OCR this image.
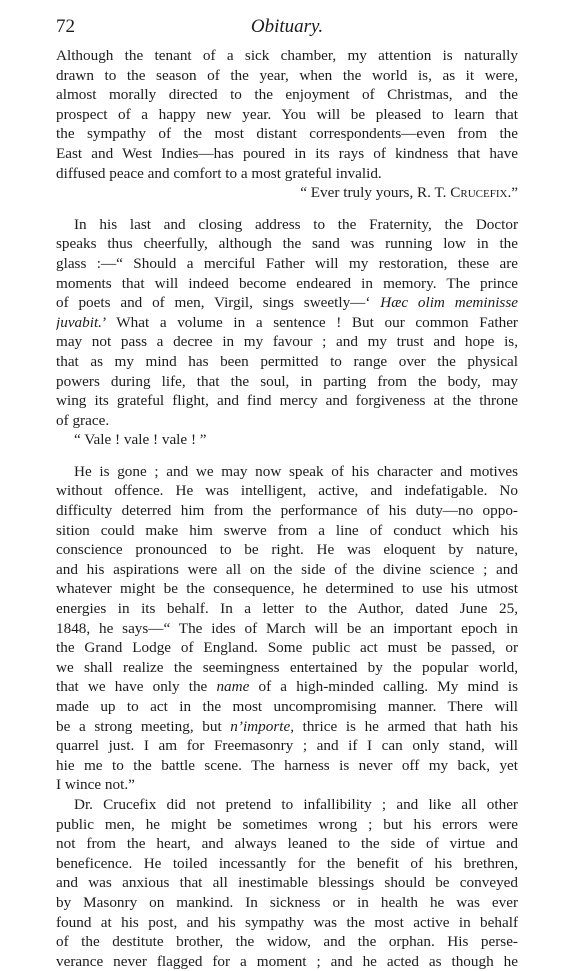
72	Obituary.
Although the tenant of a sick chamber, my attention is naturally
drawn to the season of the year, when the world is, as it were,
almost morally directed to the enjoyment of Christmas, and the
prospect of a happy new year. You will be pleased to learn that
the sympathy of the most distant correspondents—even from the
East and West Indies—has poured in its rays of kindness that have
diffused peace and comfort to a most grateful invalid.
“ Ever truly yours, R. T. Crucefix.”
In his last and closing address to the Fraternity, the Doctor
speaks thus cheerfully, although the sand was running low in the
glass :—“ Should a merciful Father will my restoration, these are
moments that will indeed become endeared in memory. The prince
of poets and of men, Virgil, sings sweetly—‘ Hæc olim meminisse
juvabit.’ What a volume in a sentence ! But our common Father
may not pass a decree in my favour ; and my trust and hope is,
that as my mind has been permitted to range over the physical
powers during life, that the soul, in parting from the body, may
wing its grateful flight, and find mercy and forgiveness at the throne
of grace.
“ Vale ! vale ! vale ! ”
He is gone ; and we may now speak of his character and motives
without offence. He was intelligent, active, and indefatigable. No
difficulty deterred him from the performance of his duty—no oppo-
sition could make him swerve from a line of conduct which his
conscience pronounced to be right. He was eloquent by nature,
and his aspirations were all on the side of the divine science ; and
whatever might be the consequence, he determined to use his utmost
energies in its behalf. In a letter to the Author, dated June 25,
1848, he says—“ The ides of March will be an important epoch in
the Grand Lodge of England. Some public act must be passed, or
we shall realize the seemingness entertained by the popular world,
that we have only the name of a high-minded calling. My mind is
made up to act in the most uncompromising manner. There will
be a strong meeting, but n’importe, thrice is he armed that hath his
quarrel just. I am for Freemasonry ; and if I can only stand, will
hie me to the battle scene. The harness is never off my back, yet
I wince not.”
Dr. Crucefix did not pretend to infallibility ; and like all other
public men, he might be sometimes wrong ; but his errors were
not from the heart, and always leaned to the side of virtue and
beneficence. He toiled incessantly for the benefit of his brethren,
and was anxious that all inestimable blessings should be conveyed
by Masonry on mankind. In sickness or in health he was ever
found at his post, and his sympathy was the most active in behalf
of the destitute brother, the widow, and the orphan. His perse-
verance never flagged for a moment ; and he acted as though he
